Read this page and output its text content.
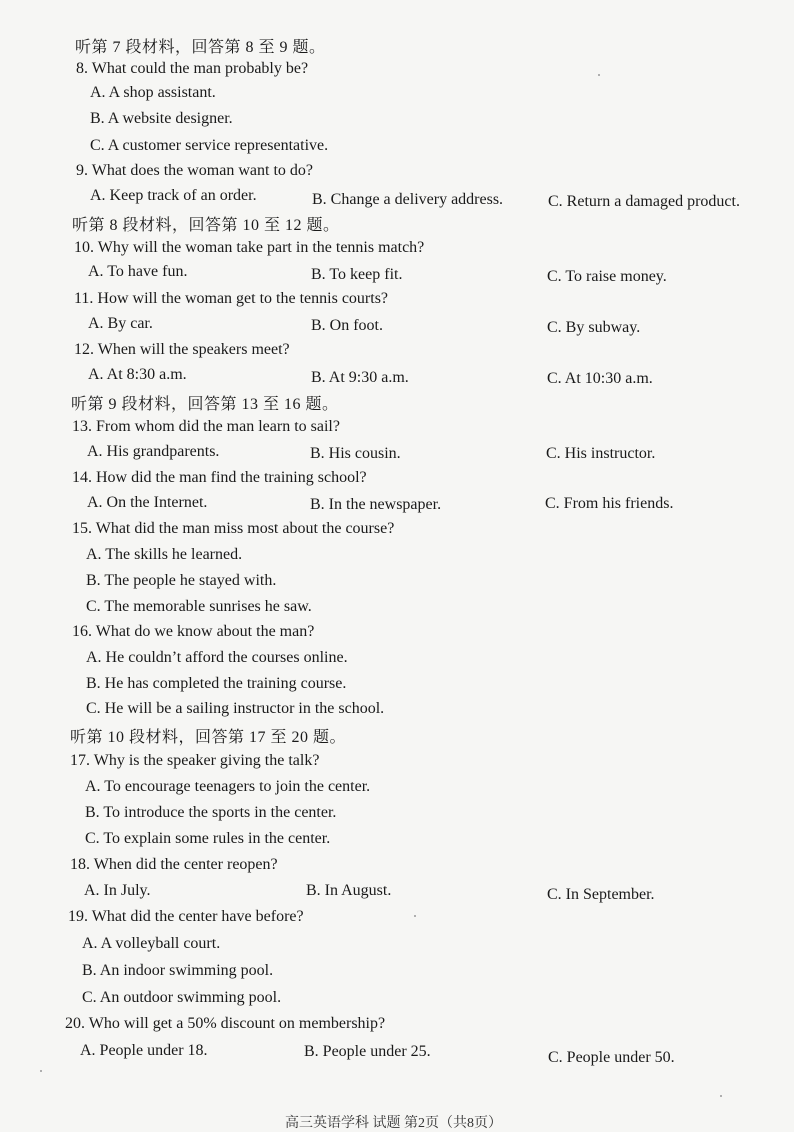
听第 7 段材料，回答第 8 至 9 题。
8. What could the man probably be?
A. A shop assistant.
B. A website designer.
C. A customer service representative.
9. What does the woman want to do?
A. Keep track of an order.	B. Change a delivery address.	C. Return a damaged product.
听第 8 段材料，回答第 10 至 12 题。
10. Why will the woman take part in the tennis match?
A. To have fun.	B. To keep fit.	C. To raise money.
11. How will the woman get to the tennis courts?
A. By car.	B. On foot.	C. By subway.
12. When will the speakers meet?
A. At 8:30 a.m.	B. At 9:30 a.m.	C. At 10:30 a.m.
听第 9 段材料，回答第 13 至 16 题。
13. From whom did the man learn to sail?
A. His grandparents.	B. His cousin.	C. His instructor.
14. How did the man find the training school?
A. On the Internet.	B. In the newspaper.	C. From his friends.
15. What did the man miss most about the course?
A. The skills he learned.
B. The people he stayed with.
C. The memorable sunrises he saw.
16. What do we know about the man?
A. He couldn’t afford the courses online.
B. He has completed the training course.
C. He will be a sailing instructor in the school.
听第 10 段材料，回答第 17 至 20 题。
17. Why is the speaker giving the talk?
A. To encourage teenagers to join the center.
B. To introduce the sports in the center.
C. To explain some rules in the center.
18. When did the center reopen?
A. In July.	B. In August.	C. In September.
19. What did the center have before?
A. A volleyball court.
B. An indoor swimming pool.
C. An outdoor swimming pool.
20. Who will get a 50% discount on membership?
A. People under 18.	B. People under 25.	C. People under 50.
高三英语学科 试题 第2页（共8页）
